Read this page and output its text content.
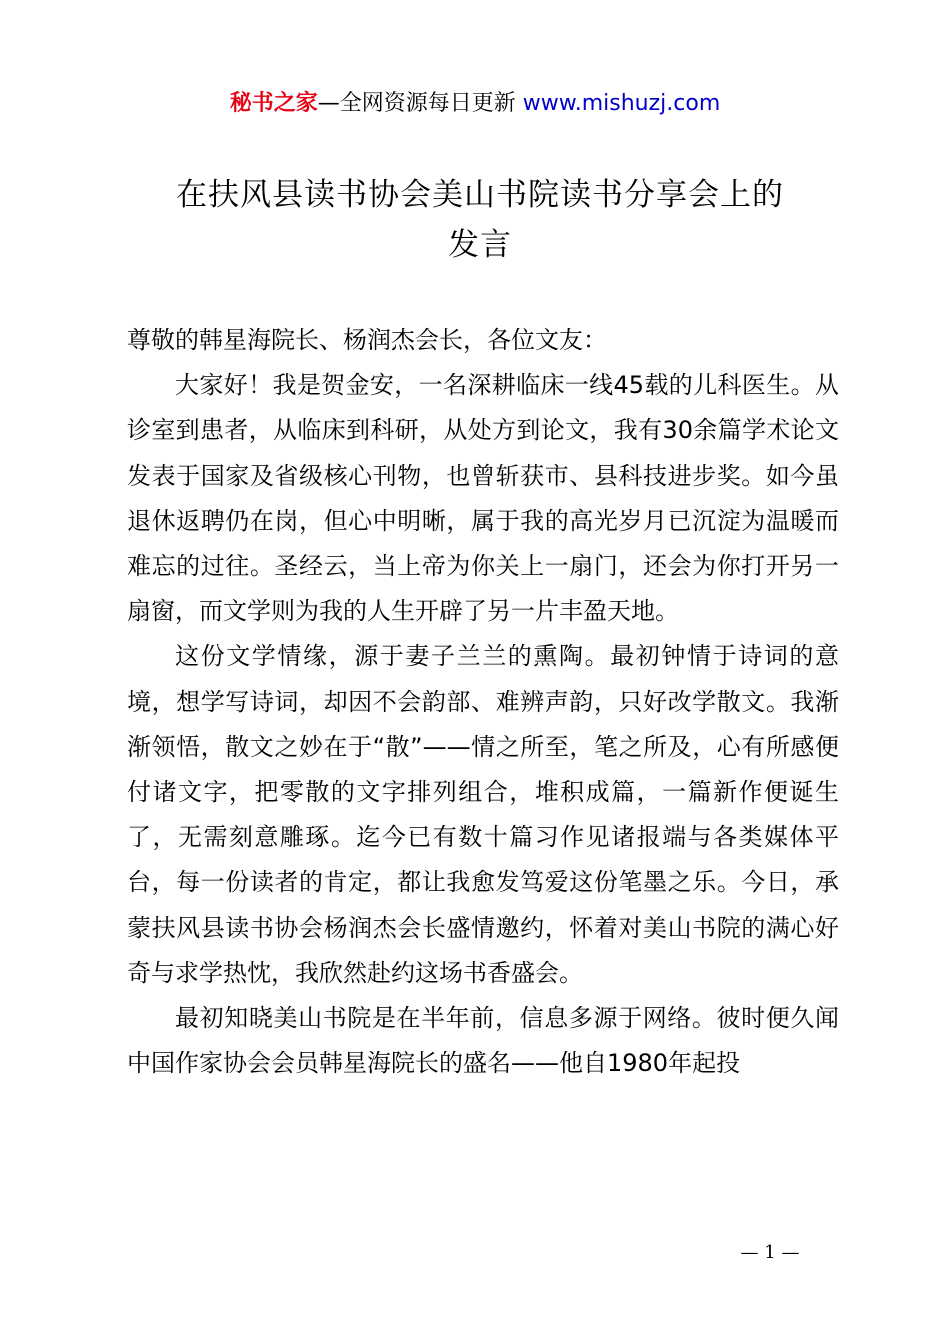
秘书之家—全网资源每日更新 www.mishuzj.com
在扶风县读书协会美山书院读书分享会上的
发言

尊敬的韩星海院长、杨润杰会长，各位文友：

大家好！我是贺金安，一名深耕临床一线45载的儿科医生。从诊室到患者，从临床到科研，从处方到论文，我有30余篇学术论文发表于国家及省级核心刊物，也曾斩获市、县科技进步奖。如今虽退休返聘仍在岗，但心中明晰，属于我的高光岁月已沉淀为温暖而难忘的过往。圣经云，当上帝为你关上一扇门，还会为你打开另一扇窗，而文学则为我的人生开辟了另一片丰盈天地。

这份文学情缘，源于妻子兰兰的熏陶。最初钟情于诗词的意境，想学写诗词，却因不会韵部、难辨声韵，只好改学散文。我渐渐领悟，散文之妙在于“散”——情之所至，笔之所及，心有所感便付诸文字，把零散的文字排列组合，堆积成篇，一篇新作便诞生了，无需刻意雕琢。迄今已有数十篇习作见诸报端与各类媒体平台，每一份读者的肯定，都让我愈发笃爱这份笔墨之乐。今日，承蒙扶风县读书协会杨润杰会长盛情邀约，怀着对美山书院的满心好奇与求学热忱，我欣然赴约这场书香盛会。

最初知晓美山书院是在半年前，信息多源于网络。彼时便久闻中国作家协会会员韩星海院长的盛名——他自1980年起投

— 1 —
